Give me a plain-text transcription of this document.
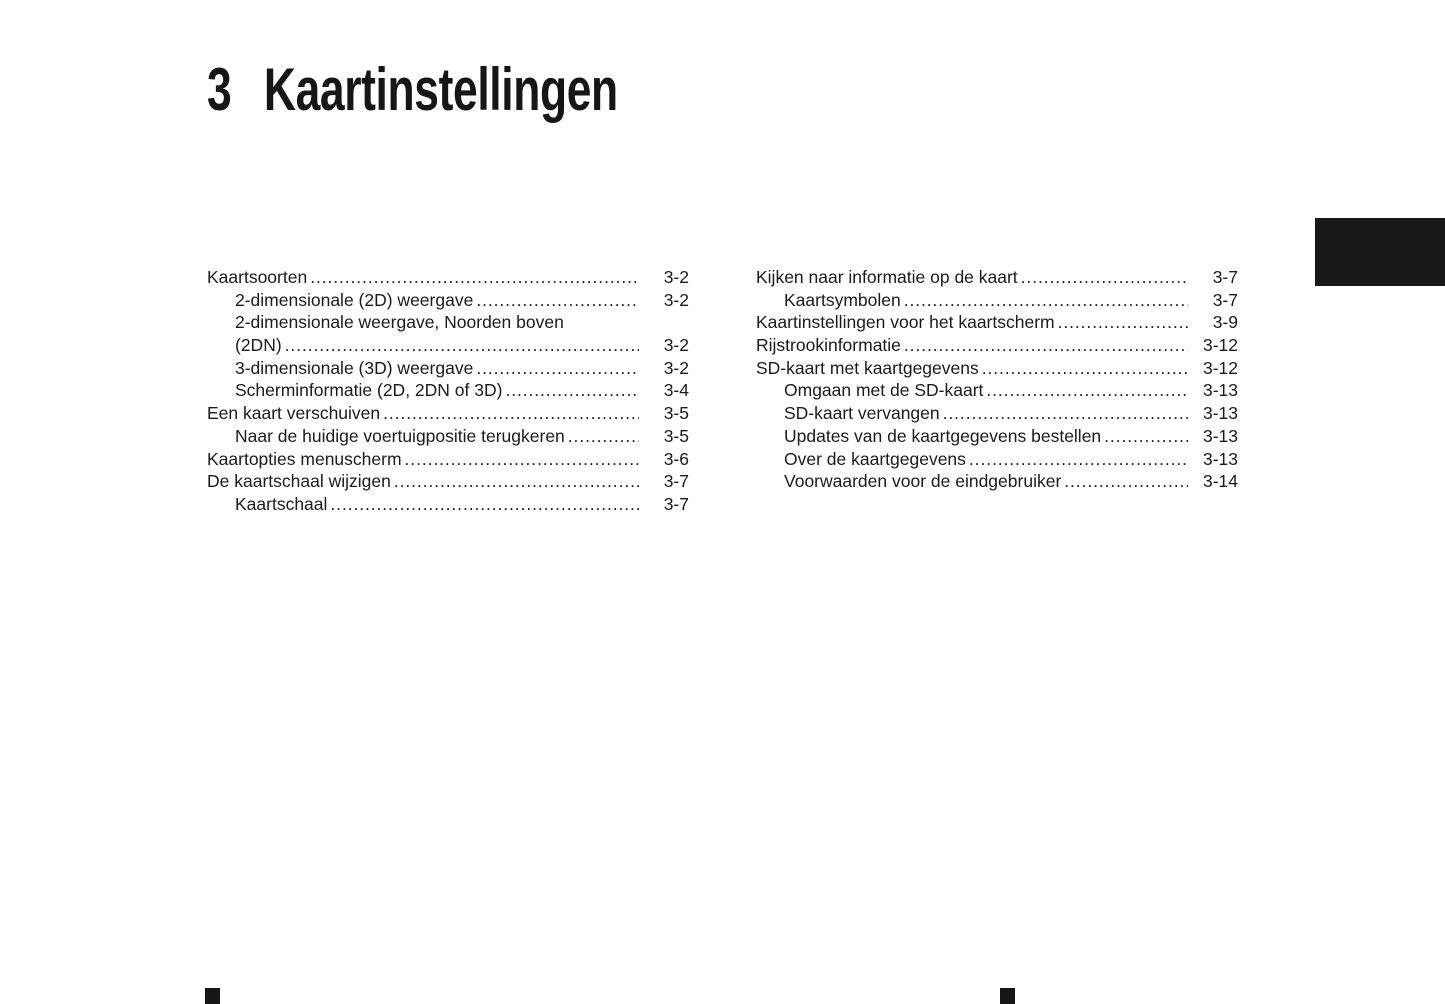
3 Kaartinstellingen
Kaartsoorten .....	3-2
2-dimensionale (2D) weergave .....	3-2
2-dimensionale weergave, Noorden boven
(2DN) .....	3-2
3-dimensionale (3D) weergave .....	3-2
Scherminformatie (2D, 2DN of 3D) .....	3-4
Een kaart verschuiven .....	3-5
Naar de huidige voertuigpositie terugkeren .....	3-5
Kaartopties menuscherm .....	3-6
De kaartschaal wijzigen .....	3-7
Kaartschaal .....	3-7
Kijken naar informatie op de kaart .....	3-7
Kaartsymbolen .....	3-7
Kaartinstellingen voor het kaartscherm .....	3-9
Rijstrookinformatie .....	3-12
SD-kaart met kaartgegevens .....	3-12
Omgaan met de SD-kaart .....	3-13
SD-kaart vervangen .....	3-13
Updates van de kaartgegevens bestellen .....	3-13
Over de kaartgegevens .....	3-13
Voorwaarden voor de eindgebruiker .....	3-14
